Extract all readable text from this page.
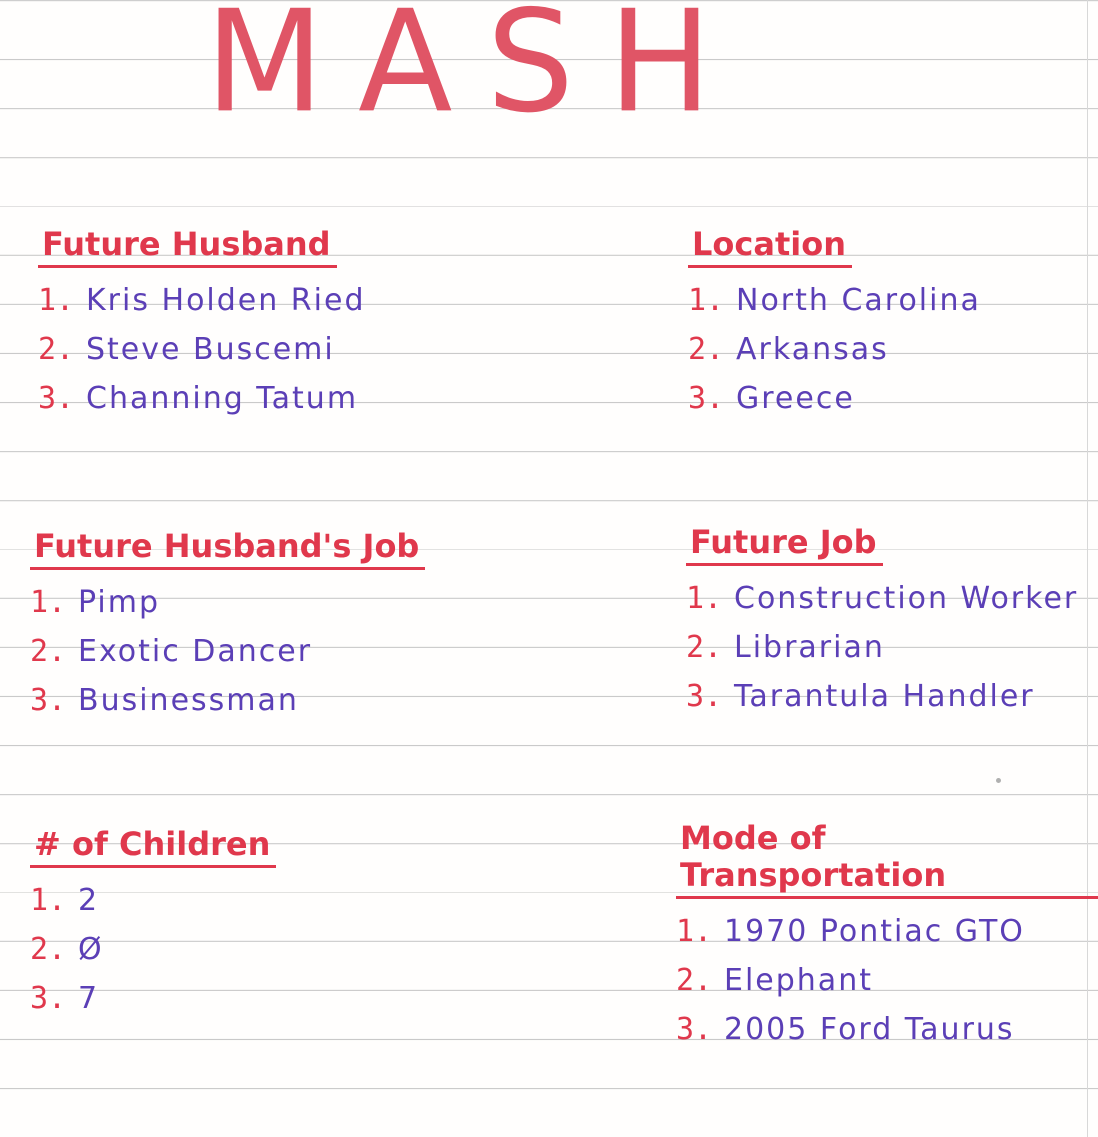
MASH
Future Husband
1. Kris Holden Ried
2. Steve Buscemi
3. Channing Tatum
Location
1. North Carolina
2. Arkansas
3. Greece
Future Husband's Job
1. Pimp
2. Exotic Dancer
3. Businessman
Future Job
1. Construction Worker
2. Librarian
3. Tarantula Handler
# of Children
1. 2
2. Ø
3. 7
Mode of Transportation
1. 1970 Pontiac GTO
2. Elephant
3. 2005 Ford Taurus
